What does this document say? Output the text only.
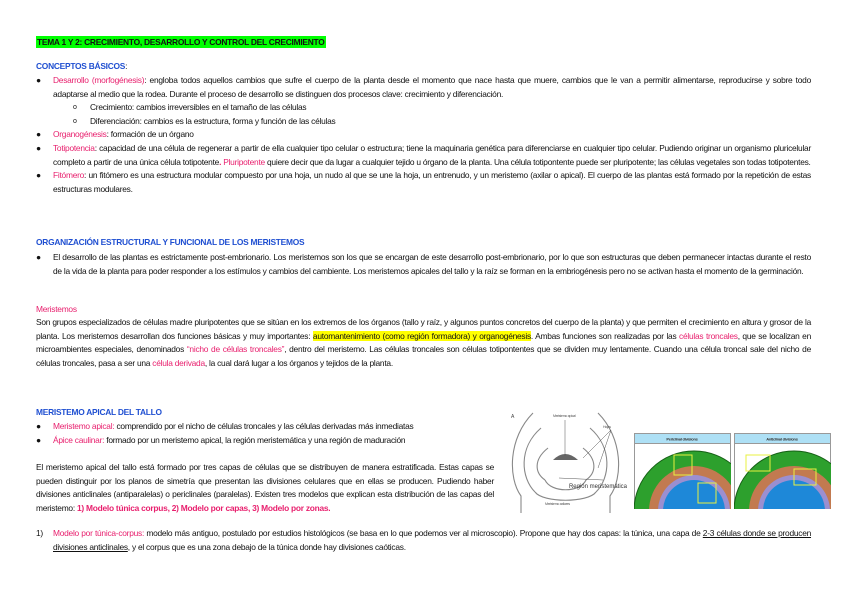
TEMA 1 Y 2: CRECIMIENTO, DESARROLLO Y CONTROL DEL CRECIMIENTO
CONCEPTOS BÁSICOS:
● Desarrollo (morfogénesis): engloba todos aquellos cambios que sufre el cuerpo de la planta desde el momento que nace hasta que muere, cambios que le van a permitir alimentarse, reproducirse y sobre todo adaptarse al medio que la rodea. Durante el proceso de desarrollo se distinguen dos procesos clave: crecimiento y diferenciación.
o Crecimiento: cambios irreversibles en el tamaño de las células
o Diferenciación: cambios es la estructura, forma y función de las células
● Organogénesis: formación de un órgano
● Totipotencia: capacidad de una célula de regenerar a partir de ella cualquier tipo celular o estructura; tiene la maquinaria genética para diferenciarse en cualquier tipo celular. Pudiendo originar un organismo pluricelular completo a partir de una única célula totipotente. Pluripotente quiere decir que da lugar a cualquier tejido u órgano de la planta. Una célula totipontente puede ser pluripotente; las células vegetales son todas totipotentes.
● Fitómero: un fitómero es una estructura modular compuesto por una hoja, un nudo al que se une la hoja, un entrenudo, y un meristemo (axilar o apical). El cuerpo de las plantas está formado por la repetición de estas estructuras modulares.
ORGANIZACIÓN ESTRUCTURAL Y FUNCIONAL DE LOS MERISTEMOS
● El desarrollo de las plantas es estrictamente post-embrionario. Los meristemos son los que se encargan de este desarrollo post-embrionario, por lo que son estructuras que deben permanecer intactas durante el resto de la vida de la planta para poder responder a los estímulos y cambios del cambiente. Los meristemos apicales del tallo y la raíz se forman en la embriogénesis pero no se activan hasta el momento de la germinación.
Meristemos
Son grupos especializados de células madre pluripotentes que se sitúan en los extremos de los órganos (tallo y raíz, y algunos puntos concretos del cuerpo de la planta) y que permiten el crecimiento en altura y grosor de la planta. Los meristemos desarrollan dos funciones básicas y muy importantes: automantenimiento (como región formadora) y organogénesis. Ambas funciones son realizadas por las células troncales, que se localizan en microambientes especiales, denominados “nicho de células troncales”, dentro del meristemo. Las células troncales son células totipontentes que se dividen muy lentamente. Cuando una célula troncal sale del nicho de células troncales, pasa a ser una célula derivada, la cual dará lugar a los órganos y tejidos de la planta.
MERISTEMO APICAL DEL TALLO
● Meristemo apical: comprendido por el nicho de células troncales y las células derivadas más inmediatas
● Ápice caulinar: formado por un meristemo apical, la región meristemática y una región de maduración
El meristemo apical del tallo está formado por tres capas de células que se distribuyen de manera estratificada. Estas capas se pueden distinguir por los planos de simetría que presentan las divisiones celulares que en ellas se producen. Pudiendo haber divisiones anticlinales (antiparalelas) o periclinales (paralelas). Existen tres modelos que explican esta distribución de las capas del meristemo: 1) Modelo túnica corpus, 2) Modelo por capas, 3) Modelo por zonas.
1) Modelo por túnica-corpus: modelo más antiguo, postulado por estudios histológicos (se basa en lo que podemos ver al microscopio). Propone que hay dos capas: la túnica, una capa de 2-3 células donde se producen divisiones anticlinales, y el corpus que es una zona debajo de la túnica donde hay divisiones caóticas.
A	Meristemo apical
Hojas
Región meristemática
Meristemo axilares
Periclinal divisions	Anticlinal divisions
